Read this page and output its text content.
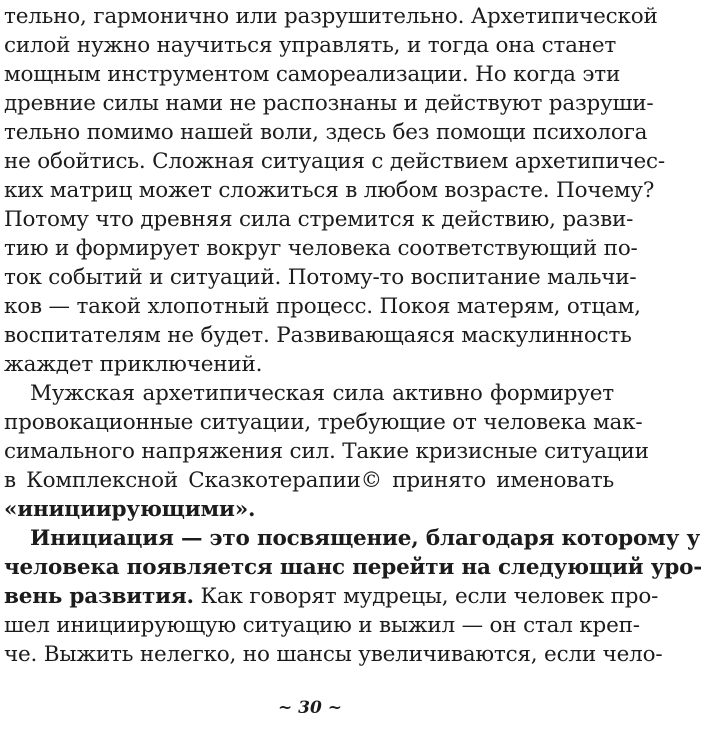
тельно, гармонично или разрушительно. Архетипической
силой нужно научиться управлять, и тогда она станет
мощным инструментом самореализации. Но когда эти
древние силы нами не распознаны и действуют разруши-
тельно помимо нашей воли, здесь без помощи психолога
не обойтись. Сложная ситуация с действием архетипичес-
ких матриц может сложиться в любом возрасте. Почему?
Потому что древняя сила стремится к действию, разви-
тию и формирует вокруг человека соответствующий по-
ток событий и ситуаций. Потому-то воспитание мальчи-
ков — такой хлопотный процесс. Покоя матерям, отцам,
воспитателям не будет. Развивающаяся маскулинность
жаждет приключений.
Мужская архетипическая сила активно формирует
провокационные ситуации, требующие от человека мак-
симального напряжения сил. Такие кризисные ситуации
в Комплексной Сказкотерапии© принято именовать
«инициирующими».
Инициация — это посвящение, благодаря которому у
человека появляется шанс перейти на следующий уро-
~ 30 ~
вень развития. Как говорят мудрецы, если человек про-
шел инициирующую ситуацию и выжил — он стал креп-
че. Выжить нелегко, но шансы увеличиваются, если чело-
